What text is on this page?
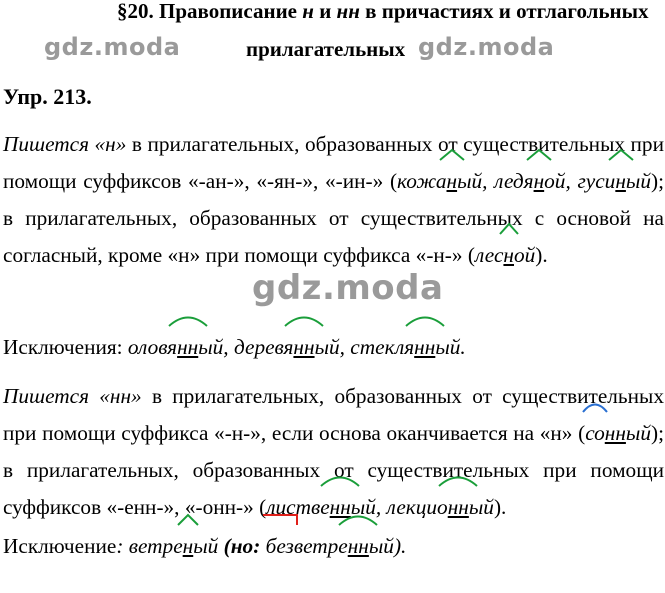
§20. Правописание н и нн в причастиях и отглагольных
gdz.moda	прилагательных gdz.moda
Упр. 213.
Пишется «н» в прилагательных, образованных от существительных при помощи суффиксов «-ан-», «-ян-», «-ин-» (кожан
ый, ледян
ой, гусин
ый); в прилагательных, образованных от существительных с основой на согласный, кроме «н» при помощи суффикса «-н-» (лесн
ой).
gdz.moda
Исключения: оловянн
ый, деревянн
ый, стеклянн
ый.
Пишется «нн» в прилагательных, образованных от существительных при помощи суффикса «-н-», если основа оканчивается на «н» (со
нный); в прилагательных, образованных от существительных при помощи суффиксов «-енн-», «-онн-» (лиственн
ый, лекционн
ый).
Исключение: ветрен
ый (но: без
ветренн
ый).
